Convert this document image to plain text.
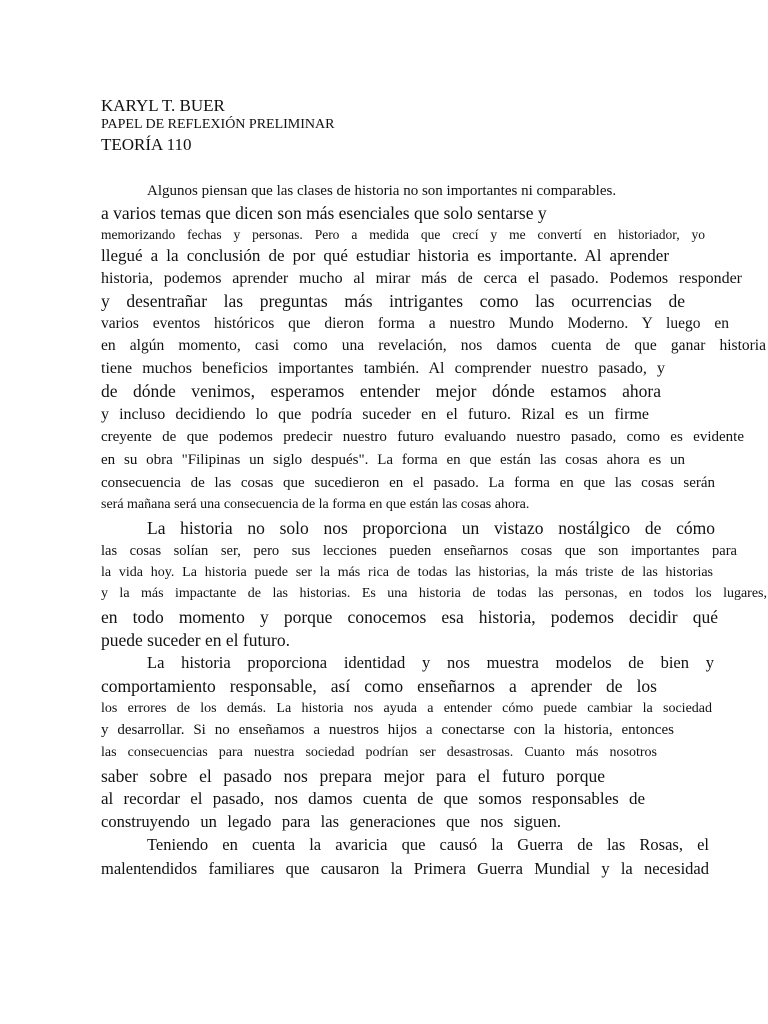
KARYL T. BUER
PAPEL DE REFLEXIÓN PRELIMINAR
TEORÍA 110
Algunos piensan que las clases de historia no son importantes ni comparables.
a varios temas que dicen son más esenciales que solo sentarse y
memorizando fechas y personas. Pero a medida que crecí y me convertí en historiador, yo
llegué a la conclusión de por qué estudiar historia es importante. Al aprender
historia, podemos aprender mucho al mirar más de cerca el pasado. Podemos responder
y desentrañar las preguntas más intrigantes como las ocurrencias de
varios eventos históricos que dieron forma a nuestro Mundo Moderno. Y luego en
en algún momento, casi como una revelación, nos damos cuenta de que ganar historia
tiene muchos beneficios importantes también. Al comprender nuestro pasado, y
de dónde venimos, esperamos entender mejor dónde estamos ahora
y incluso decidiendo lo que podría suceder en el futuro. Rizal es un firme
creyente de que podemos predecir nuestro futuro evaluando nuestro pasado, como es evidente
en su obra "Filipinas un siglo después". La forma en que están las cosas ahora es un
consecuencia de las cosas que sucedieron en el pasado. La forma en que las cosas serán
será mañana será una consecuencia de la forma en que están las cosas ahora.
La historia no solo nos proporciona un vistazo nostálgico de cómo
las cosas solían ser, pero sus lecciones pueden enseñarnos cosas que son importantes para
la vida hoy. La historia puede ser la más rica de todas las historias, la más triste de las historias
y la más impactante de las historias. Es una historia de todas las personas, en todos los lugares,
en todo momento y porque conocemos esa historia, podemos decidir qué
puede suceder en el futuro.
La historia proporciona identidad y nos muestra modelos de bien y
comportamiento responsable, así como enseñarnos a aprender de los
los errores de los demás. La historia nos ayuda a entender cómo puede cambiar la sociedad
y desarrollar. Si no enseñamos a nuestros hijos a conectarse con la historia, entonces
las consecuencias para nuestra sociedad podrían ser desastrosas. Cuanto más nosotros
saber sobre el pasado nos prepara mejor para el futuro porque
al recordar el pasado, nos damos cuenta de que somos responsables de
construyendo un legado para las generaciones que nos siguen.
Teniendo en cuenta la avaricia que causó la Guerra de las Rosas, el
malentendidos familiares que causaron la Primera Guerra Mundial y la necesidad
